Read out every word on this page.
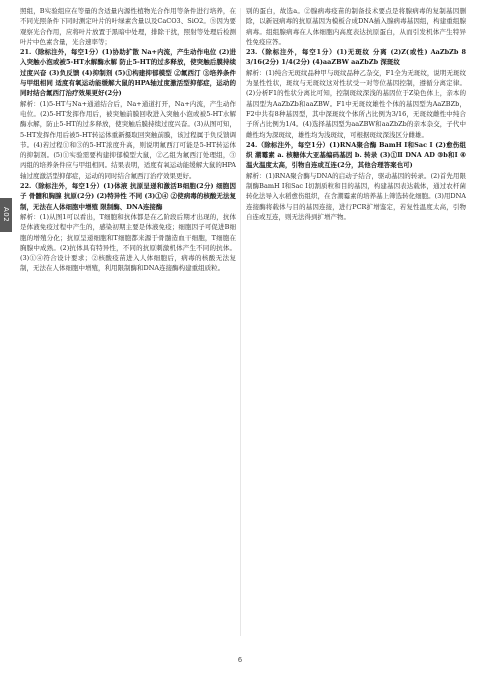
A02

照组，B实验组应在等量的含适量内源性植物光合作用等条件进行培养，在不同光照条件下同时测定叶片的叶绿素含量以及CaCO3、SiO2。⑤因为要观察光合作用，应将叶片放置于黑暗中处理，排除干扰，照射等处理后检测叶片中色素含量，光合速率等；

21.（除标注外，每空1分）(1)协助扩散 Na+内流，产生动作电位 (2)进入突触小泡或被5-HT水解酶水解 防止5-HT的过多释放，使突触后膜持续过度兴奋 (3)负反馈 (4)抑制剂 (5)①构建抑郁模型 ②氟西汀 ③培养条件与甲组相同 适度有氧运动能缓解大鼠的HPA轴过度激活型抑郁症，运动的同时结合氟西汀治疗效果更好(2分)

解析：(1)5-HT与Na+通道结合后，Na+通道打开，Na+内流，产生动作电位。(2)5-HT发挥作用后，被突触前膜回收进入突触小泡或被5-HT水解酶水解，防止5-HT的过多释放，使突触后膜持续过度兴奋。(3)从图可知，5-HT发挥作用后被5-HT转运体重新摄取回突触前膜，该过程属于负反馈调节。(4)若过程①和③的5-HT浓度升高，则说明氟西汀可能是5-HT转运体的抑制剂。(5)①实验需要构建抑郁模型大鼠，②乙组为氟西汀处理组，③丙组的培养条件应与甲组相同。结果表明，适度有氧运动能缓解大鼠的HPA轴过度激活型抑郁症，运动的同时结合氟西汀治疗效果更好。

22.（除标注外，每空1分）(1)体液 抗原呈递和激活B细胞(2分) 细胞因子 骨髓和胸腺 抗原(2分) (2)特异性 不同 (3)①④ ②使病毒的核酸无法复制，无法在人体细胞中增殖 限制酶、DNA连接酶

解析：(1)从图1可以看出，T细胞和抗体都是在乙阶段后期才出现的，抗体是体液免疫过程中产生的，感染初期主要是体液免疫；细胞因子可促进B细胞的增殖分化；抗原呈递细胞和T细胞都来源于骨髓造血干细胞，T细胞在胸腺中成熟。(2)抗体具有特异性，不同的抗原刺激机体产生不同的抗体。(3)①④符合设计要求；②核酸疫苗进入人体细胞后，病毒的核酸无法复制，无法在人体细胞中增殖，利用限制酶和DNA连接酶构建重组质粒。

别的蛋白，故选a。②腺病毒疫苗的制备技术要点是将腺病毒的复制基因删除，以新冠病毒的抗原基因为模板合成DNA插入腺病毒基因组，构建重组腺病毒。组组腺病毒在人体细胞内高度表达抗原蛋白，从而引发机体产生特异性免疫应答。

23.（除标注外，每空1分）(1)无斑纹 分离 (2)Z(或性) AaZbZb 8 3/16(2分) 1/4(2分) (4)aaZBW aaZbZb 深斑纹

解析：(1)纯合无斑纹品种甲与斑纹品种乙杂交，F1全为无斑纹，说明无斑纹为显性性状，斑纹与无斑纹这对性状受一对等位基因控制，遵循分离定律。(2)分析F1的性状分离比可知，控制斑纹深浅的基因位于Z染色体上，亲本的基因型为AaZbZb和aaZBW。F1中无斑纹雄性个体的基因型为AaZBZb，F2中共有8种基因型，其中深斑纹个体所占比例为3/16，无斑纹雌性中纯合子所占比例为1/4。(4)选择基因型为aaZBW和aaZbZb的亲本杂交，子代中雌性均为深斑纹，雄性均为浅斑纹，可根据斑纹深浅区分雌雄。

24.（除标注外，每空1分）(1)RNA聚合酶 BamH Ⅰ和Sac Ⅰ (2)愈伤组织 潮霉素 a. 核糖体大亚基编码基因 b. 转录 (3)①Ⅱ DNA AD ③b和Ⅰ ④温火温度太高，引物自连或互连(2分，其他合理答案也可)

解析：(1)RNA聚合酶与DNA的启动子结合，驱动基因的转录。(2)首先用限制酶BamH Ⅰ和Sac Ⅰ切割质粒和目的基因，构建基因表达载体，通过农杆菌转化法导入水稻愈伤组织，在含潮霉素的培养基上筛选转化细胞。(3)用DNA连接酶将载体与目的基因连接，进行PCR扩增鉴定，若复性温度太高，引物自连或互连，则无法得到扩增产物。

6
